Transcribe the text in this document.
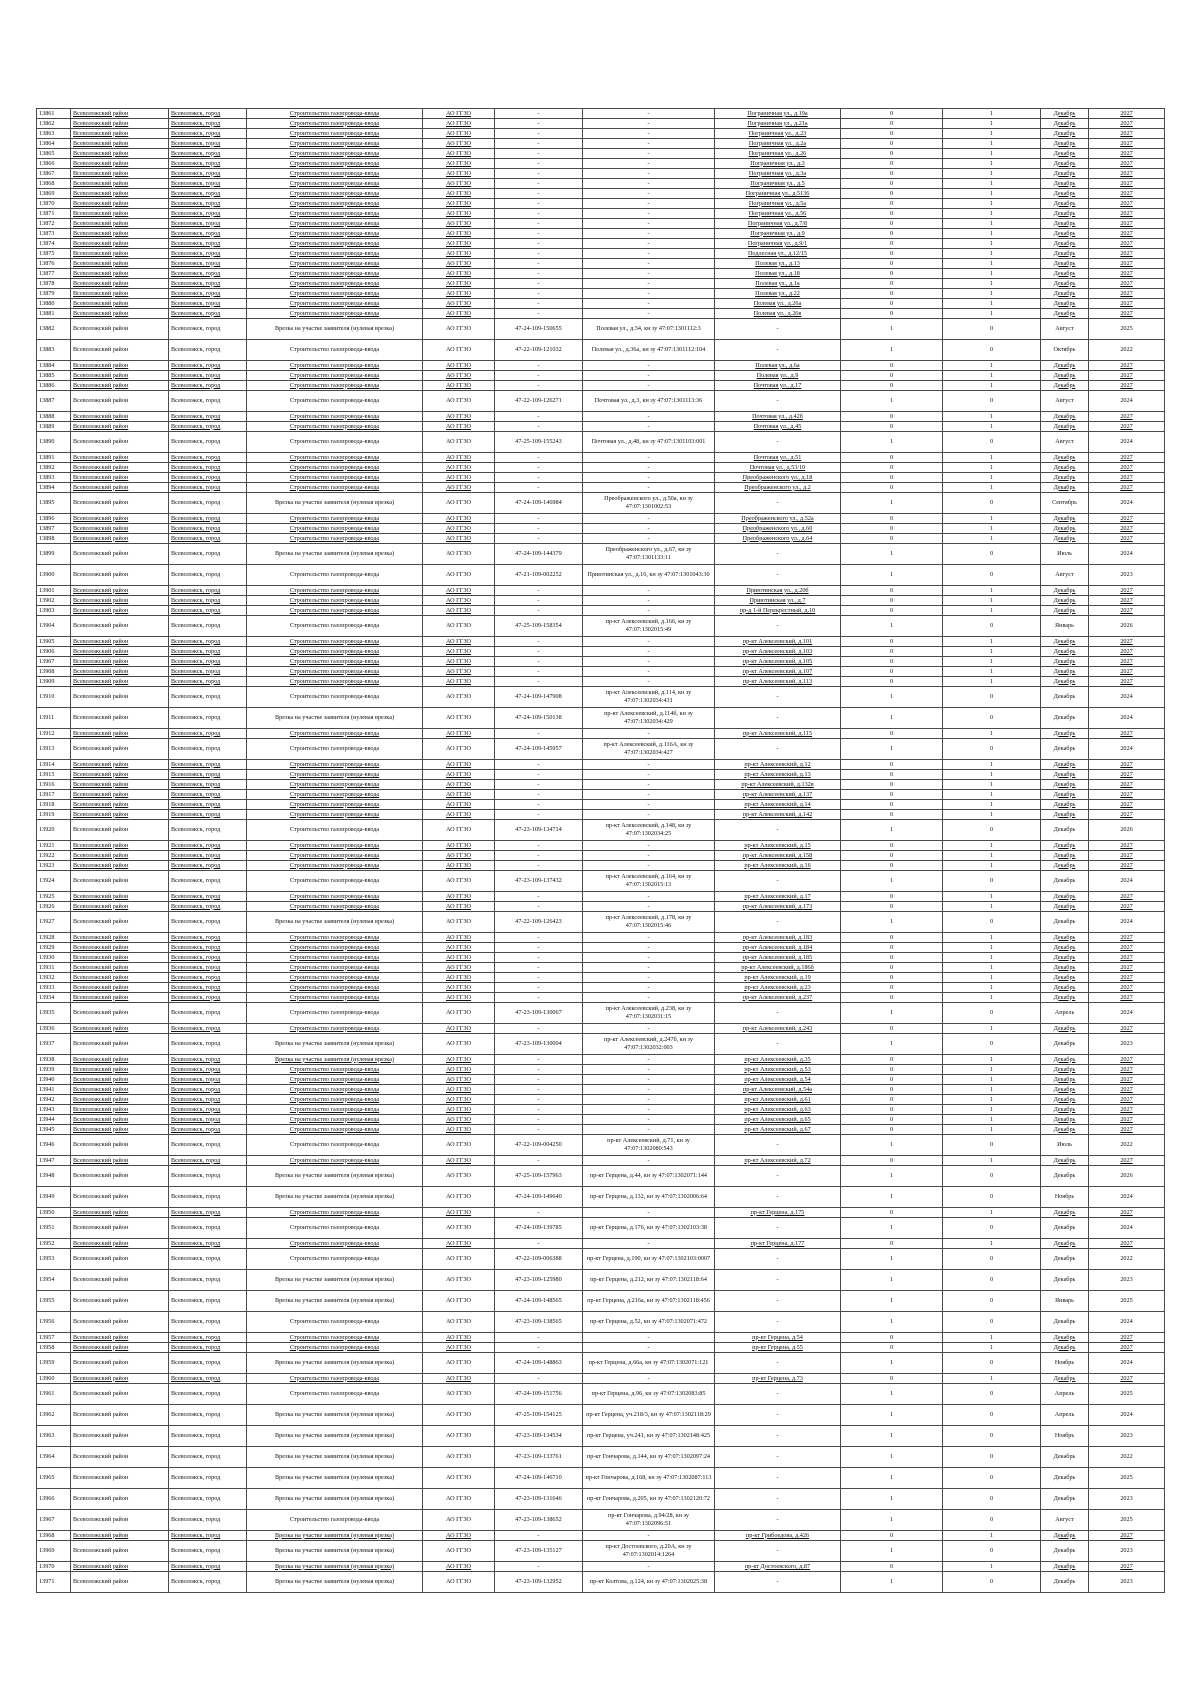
13861	Всеволожский район	Всеволожск, город	Строительство газопровода-ввода	АО ГГЗО	-	-	Пограничная ул., д.19а	0	1	Декабрь	2027
13862	Всеволожский район	Всеволожск, город	Строительство газопровода-ввода	АО ГГЗО	-	-	Пограничная ул., д.21а	0	1	Декабрь	2027
13863	Всеволожский район	Всеволожск, город	Строительство газопровода-ввода	АО ГГЗО	-	-	Пограничная ул., д.23	0	1	Декабрь	2027
13864	Всеволожский район	Всеволожск, город	Строительство газопровода-ввода	АО ГГЗО	-	-	Пограничная ул., д.2а	0	1	Декабрь	2027
13865	Всеволожский район	Всеволожск, город	Строительство газопровода-ввода	АО ГГЗО	-	-	Пограничная ул., д.26	0	1	Декабрь	2027
13866	Всеволожский район	Всеволожск, город	Строительство газопровода-ввода	АО ГГЗО	-	-	Пограничная ул., д.3	0	1	Декабрь	2027
13867	Всеволожский район	Всеволожск, город	Строительство газопровода-ввода	АО ГГЗО	-	-	Пограничная ул., д.3а	0	1	Декабрь	2027
13868	Всеволожский район	Всеволожск, город	Строительство газопровода-ввода	АО ГГЗО	-	-	Пограничная ул., д.5	0	1	Декабрь	2027
13869	Всеволожский район	Всеволожск, город	Строительство газопровода-ввода	АО ГГЗО	-	-	Пограничная ул., д.5136	0	1	Декабрь	2027
13870	Всеволожский район	Всеволожск, город	Строительство газопровода-ввода	АО ГГЗО	-	-	Пограничная ул., д.5а	0	1	Декабрь	2027
13871	Всеволожский район	Всеволожск, город	Строительство газопровода-ввода	АО ГГЗО	-	-	Пограничная ул., д.56	0	1	Декабрь	2027
13872	Всеволожский район	Всеволожск, город	Строительство газопровода-ввода	АО ГГЗО	-	-	Пограничная ул., д.7/8	0	1	Декабрь	2027
13873	Всеволожский район	Всеволожск, город	Строительство газопровода-ввода	АО ГГЗО	-	-	Пограничная ул., д.9	0	1	Декабрь	2027
13874	Всеволожский район	Всеволожск, город	Строительство газопровода-ввода	АО ГГЗО	-	-	Пограничная ул., д.9/1	0	1	Декабрь	2027
13875	Всеволожский район	Всеволожск, город	Строительство газопровода-ввода	АО ГГЗО	-	-	Подлесная ул., д.12/15	0	1	Декабрь	2027
13876	Всеволожский район	Всеволожск, город	Строительство газопровода-ввода	АО ГГЗО	-	-	Полевая ул., д.13	0	1	Декабрь	2027
13877	Всеволожский район	Всеволожск, город	Строительство газопровода-ввода	АО ГГЗО	-	-	Полевая ул., д.18	0	1	Декабрь	2027
13878	Всеволожский район	Всеволожск, город	Строительство газопровода-ввода	АО ГГЗО	-	-	Полевая ул., д.1а	0	1	Декабрь	2027
13879	Всеволожский район	Всеволожск, город	Строительство газопровода-ввода	АО ГГЗО	-	-	Полевая ул., д.22	0	1	Декабрь	2027
13880	Всеволожский район	Всеволожск, город	Строительство газопровода-ввода	АО ГГЗО	-	-	Полевая ул., д.26а	0	1	Декабрь	2027
13881	Всеволожский район	Всеволожск, город	Строительство газопровода-ввода	АО ГГЗО	-	-	Полевая ул., д.26в	0	1	Декабрь	2027
13882	Всеволожский район	Всеволожск, город	Врезка на участке заявителя (нулевая врезка)	АО ГГЗО	47-24-109-150655	Полевая ул., д.34, кн зу 47:07:1301112:3	-	1	0	Август	2025
13883	Всеволожский район	Всеволожск, город	Строительство газопровода-ввода	АО ГГЗО	47-22-109-121032	Полевая ул., д.36а, кн зу 47:07:1301112:104	-	1	0	Октябрь	2022
13884	Всеволожский район	Всеволожск, город	Строительство газопровода-ввода	АО ГГЗО	-	-	Полевая ул., д.6а	0	1	Декабрь	2027
13885	Всеволожский район	Всеволожск, город	Строительство газопровода-ввода	АО ГГЗО	-	-	Полевая ул., д.9	0	1	Декабрь	2027
13886	Всеволожский район	Всеволожск, город	Строительство газопровода-ввода	АО ГГЗО	-	-	Почтовая ул., д.17	0	1	Декабрь	2027
13887	Всеволожский район	Всеволожск, город	Строительство газопровода-ввода	АО ГГЗО	47-22-109-126271	Почтовая ул., д.3, кн зу 47:07:1301113:36	-	1	0	Август	2024
13888	Всеволожский район	Всеволожск, город	Строительство газопровода-ввода	АО ГГЗО	-	-	Почтовая ул., д.42б	0	1	Декабрь	2027
13889	Всеволожский район	Всеволожск, город	Строительство газопровода-ввода	АО ГГЗО	-	-	Почтовая ул., д.45	0	1	Декабрь	2027
13890	Всеволожский район	Всеволожск, город	Строительство газопровода-ввода	АО ГГЗО	47-25-109-155243	Почтовая ул., д.48, кн зу 47:07:1301103:001	-	1	0	Август	2024
13891	Всеволожский район	Всеволожск, город	Строительство газопровода-ввода	АО ГГЗО	-	-	Почтовая ул., д.51	0	1	Декабрь	2027
13892	Всеволожский район	Всеволожск, город	Строительство газопровода-ввода	АО ГГЗО	-	-	Почтовая ул., д.53/10	0	1	Декабрь	2027
13893	Всеволожский район	Всеволожск, город	Строительство газопровода-ввода	АО ГГЗО	-	-	Преображенского ул., д.18	0	1	Декабрь	2027
13894	Всеволожский район	Всеволожск, город	Строительство газопровода-ввода	АО ГГЗО	-	-	Преображенского ул., д.2	0	1	Декабрь	2027
13895	Всеволожский район	Всеволожск, город	Врезка на участке заявителя (нулевая врезка)	АО ГГЗО	47-24-109-146984	Преображенского ул., д.50а, кн зу 47:07:1301002:53	-	1	0	Сентябрь	2024
13896	Всеволожский район	Всеволожск, город	Строительство газопровода-ввода	АО ГГЗО	-	-	Преображенского ул., д.52а	0	1	Декабрь	2027
13897	Всеволожский район	Всеволожск, город	Строительство газопровода-ввода	АО ГГЗО	-	-	Преображенского ул., д.60	0	1	Декабрь	2027
13898	Всеволожский район	Всеволожск, город	Строительство газопровода-ввода	АО ГГЗО	-	-	Преображенского ул., д.64	0	1	Декабрь	2027
13899	Всеволожский район	Всеволожск, город	Врезка на участке заявителя (нулевая врезка)	АО ГГЗО	47-24-109-144379	Преображенского ул., д.67, кн зу 47:07:1301133:11	-	1	0	Июль	2024
13900	Всеволожский район	Всеволожск, город	Строительство газопровода-ввода	АО ГГЗО	47-21-109-002252	Приютинская ул., д.16, кн зу 47:07:1301043:30	-	1	0	Август	2023
13901	Всеволожский район	Всеволожск, город	Строительство газопровода-ввода	АО ГГЗО	-	-	Приютинская ул., д.20б	0	1	Декабрь	2027
13902	Всеволожский район	Всеволожск, город	Строительство газопровода-ввода	АО ГГЗО	-	-	Приютинская ул., д.7	0	1	Декабрь	2027
13903	Всеволожский район	Всеволожск, город	Строительство газопровода-ввода	АО ГГЗО	-	-	пр-д 1-й Перекрестный, д.10	0	1	Декабрь	2027
13904	Всеволожский район	Всеволожск, город	Строительство газопровода-ввода	АО ГГЗО	47-25-109-158354	пр-кт Алексеевский, д.166, кн зу 47:07:1302015:49	-	1	0	Январь	2026
13905	Всеволожский район	Всеволожск, город	Строительство газопровода-ввода	АО ГГЗО	-	-	пр-кт Алексеевский, д.101	0	1	Декабрь	2027
13906	Всеволожский район	Всеволожск, город	Строительство газопровода-ввода	АО ГГЗО	-	-	пр-кт Алексеевский, д.103	0	1	Декабрь	2027
13907	Всеволожский район	Всеволожск, город	Строительство газопровода-ввода	АО ГГЗО	-	-	пр-кт Алексеевский, д.105	0	1	Декабрь	2027
13908	Всеволожский район	Всеволожск, город	Строительство газопровода-ввода	АО ГГЗО	-	-	пр-кт Алексеевский, д.107	0	1	Декабрь	2027
13909	Всеволожский район	Всеволожск, город	Строительство газопровода-ввода	АО ГГЗО	-	-	пр-кт Алексеевский, д.113	0	1	Декабрь	2027
13910	Всеволожский район	Всеволожск, город	Строительство газопровода-ввода	АО ГГЗО	47-24-109-147908	пр-кт Алексеевский, д.114, кн зу 47:07:1302034:431	-	1	0	Декабрь	2024
13911	Всеволожский район	Всеволожск, город	Врезка на участке заявителя (нулевая врезка)	АО ГГЗО	47-24-109-150138	пр-кт Алексеевский, д.114б, кн зу 47:07:1302034:429	-	1	0	Декабрь	2024
13912	Всеволожский район	Всеволожск, город	Строительство газопровода-ввода	АО ГГЗО	-	-	пр-кт Алексеевский, д.115	0	1	Декабрь	2027
13913	Всеволожский район	Всеволожск, город	Строительство газопровода-ввода	АО ГГЗО	47-24-109-145957	пр-кт Алексеевский, д.116А, кн зу 47:07:1302034:427	-	1	0	Декабрь	2024
13914	Всеволожский район	Всеволожск, город	Строительство газопровода-ввода	АО ГГЗО	-	-	пр-кт Алексеевский, д.12	0	1	Декабрь	2027
13915	Всеволожский район	Всеволожск, город	Строительство газопровода-ввода	АО ГГЗО	-	-	пр-кт Алексеевский, д.13	0	1	Декабрь	2027
13916	Всеволожский район	Всеволожск, город	Строительство газопровода-ввода	АО ГГЗО	-	-	пр-кт Алексеевский, д.132в	0	1	Декабрь	2027
13917	Всеволожский район	Всеволожск, город	Строительство газопровода-ввода	АО ГГЗО	-	-	пр-кт Алексеевский, д.137	0	1	Декабрь	2027
13918	Всеволожский район	Всеволожск, город	Строительство газопровода-ввода	АО ГГЗО	-	-	пр-кт Алексеевский, д.14	0	1	Декабрь	2027
13919	Всеволожский район	Всеволожск, город	Строительство газопровода-ввода	АО ГГЗО	-	-	пр-кт Алексеевский, д.142	0	1	Декабрь	2027
13920	Всеволожский район	Всеволожск, город	Строительство газопровода-ввода	АО ГГЗО	47-23-109-134714	пр-кт Алексеевский, д.148, кн зу 47:07:1302034:25	-	1	0	Декабрь	2026
13921	Всеволожский район	Всеволожск, город	Строительство газопровода-ввода	АО ГГЗО	-	-	пр-кт Алексеевский, д.15	0	1	Декабрь	2027
13922	Всеволожский район	Всеволожск, город	Строительство газопровода-ввода	АО ГГЗО	-	-	пр-кт Алексеевский, д.158	0	1	Декабрь	2027
13923	Всеволожский район	Всеволожск, город	Строительство газопровода-ввода	АО ГГЗО	-	-	пр-кт Алексеевский, д.16	0	1	Декабрь	2027
13924	Всеволожский район	Всеволожск, город	Строительство газопровода-ввода	АО ГГЗО	47-23-109-137432	пр-кт Алексеевский, д.164, кн зу 47:07:1302015:13	-	1	0	Декабрь	2024
13925	Всеволожский район	Всеволожск, город	Строительство газопровода-ввода	АО ГГЗО	-	-	пр-кт Алексеевский, д.17	0	1	Декабрь	2027
13926	Всеволожский район	Всеволожск, город	Строительство газопровода-ввода	АО ГГЗО	-	-	пр-кт Алексеевский, д.173	0	1	Декабрь	2027
13927	Всеволожский район	Всеволожск, город	Врезка на участке заявителя (нулевая врезка)	АО ГГЗО	47-22-109-126423	пр-кт Алексеевский, д.178, кн зу 47:07:1302015:46	-	1	0	Декабрь	2024
13928	Всеволожский район	Всеволожск, город	Строительство газопровода-ввода	АО ГГЗО	-	-	пр-кт Алексеевский, д.183	0	1	Декабрь	2027
13929	Всеволожский район	Всеволожск, город	Строительство газопровода-ввода	АО ГГЗО	-	-	пр-кт Алексеевский, д.184	0	1	Декабрь	2027
13930	Всеволожский район	Всеволожск, город	Строительство газопровода-ввода	АО ГГЗО	-	-	пр-кт Алексеевский, д.185	0	1	Декабрь	2027
13931	Всеволожский район	Всеволожск, город	Строительство газопровода-ввода	АО ГГЗО	-	-	пр-кт Алексеевский, д.186б	0	1	Декабрь	2027
13932	Всеволожский район	Всеволожск, город	Строительство газопровода-ввода	АО ГГЗО	-	-	пр-кт Алексеевский, д.19	0	1	Декабрь	2027
13933	Всеволожский район	Всеволожск, город	Строительство газопровода-ввода	АО ГГЗО	-	-	пр-кт Алексеевский, д.23	0	1	Декабрь	2027
13934	Всеволожский район	Всеволожск, город	Строительство газопровода-ввода	АО ГГЗО	-	-	пр-кт Алексеевский, д.237	0	1	Декабрь	2027
13935	Всеволожский район	Всеволожск, город	Строительство газопровода-ввода	АО ГГЗО	47-23-109-130067	пр-кт Алексеевский, д.238, кн зу 47:07:1302031:15	-	1	0	Апрель	2024
13936	Всеволожский район	Всеволожск, город	Строительство газопровода-ввода	АО ГГЗО	-	-	пр-кт Алексеевский, д.243	0	1	Декабрь	2027
13937	Всеволожский район	Всеволожск, город	Врезка на участке заявителя (нулевая врезка)	АО ГГЗО	47-23-109-130004	пр-кт Алексеевский, д.247б, кн зу 47:07:1302032:003	-	1	0	Декабрь	2023
13938	Всеволожский район	Всеволожск, город	Врезка на участке заявителя (нулевая врезка)	АО ГГЗО	-	-	пр-кт Алексеевский, д.35	0	1	Декабрь	2027
13939	Всеволожский район	Всеволожск, город	Строительство газопровода-ввода	АО ГГЗО	-	-	пр-кт Алексеевский, д.53	0	1	Декабрь	2027
13940	Всеволожский район	Всеволожск, город	Строительство газопровода-ввода	АО ГГЗО	-	-	пр-кт Алексеевский, д.54	0	1	Декабрь	2027
13941	Всеволожский район	Всеволожск, город	Строительство газопровода-ввода	АО ГГЗО	-	-	пр-кт Алексеевский, д.54а	0	1	Декабрь	2027
13942	Всеволожский район	Всеволожск, город	Строительство газопровода-ввода	АО ГГЗО	-	-	пр-кт Алексеевский, д.61	0	1	Декабрь	2027
13943	Всеволожский район	Всеволожск, город	Строительство газопровода-ввода	АО ГГЗО	-	-	пр-кт Алексеевский, д.63	0	1	Декабрь	2027
13944	Всеволожский район	Всеволожск, город	Строительство газопровода-ввода	АО ГГЗО	-	-	пр-кт Алексеевский, д.65	0	1	Декабрь	2027
13945	Всеволожский район	Всеволожск, город	Строительство газопровода-ввода	АО ГГЗО	-	-	пр-кт Алексеевский, д.67	0	1	Декабрь	2027
13946	Всеволожский район	Всеволожск, город	Строительство газопровода-ввода	АО ГГЗО	47-22-109-004250	пр-кт Алексеевский, д.71, кн зу 47:07:1302080:543	-	1	0	Июль	2022
13947	Всеволожский район	Всеволожск, город	Строительство газопровода-ввода	АО ГГЗО	-	-	пр-кт Алексеевский, д.72	0	1	Декабрь	2027
13948	Всеволожский район	Всеволожск, город	Врезка на участке заявителя (нулевая врезка)	АО ГГЗО	47-25-109-157963	пр-кт Герцена, д.44, кн зу 47:07:1302071:144	-	1	0	Декабрь	2026
13949	Всеволожский район	Всеволожск, город	Врезка на участке заявителя (нулевая врезка)	АО ГГЗО	47-24-109-149640	пр-кт Герцена, д.132, кн зу 47:07:1302006:64	-	1	0	Ноябрь	2024
13950	Всеволожский район	Всеволожск, город	Строительство газопровода-ввода	АО ГГЗО	-	-	пр-кт Герцена, д.175	0	1	Декабрь	2027
13951	Всеволожский район	Всеволожск, город	Строительство газопровода-ввода	АО ГГЗО	47-24-109-139785	пр-кт Герцена, д.176, кн зу 47:07:1302103:38	-	1	0	Декабрь	2024
13952	Всеволожский район	Всеволожск, город	Строительство газопровода-ввода	АО ГГЗО	-	-	пр-кт Герцена, д.177	0	1	Декабрь	2027
13953	Всеволожский район	Всеволожск, город	Строительство газопровода-ввода	АО ГГЗО	47-22-109-006388	пр-кт Герцена, д.190, кн зу 47:07:1302103:0007	-	1	0	Декабрь	2022
13954	Всеволожский район	Всеволожск, город	Врезка на участке заявителя (нулевая врезка)	АО ГГЗО	47-23-109-125980	пр-кт Герцена, д.212, кн зу 47:07:1302118:64	-	1	0	Декабрь	2023
13955	Всеволожский район	Всеволожск, город	Врезка на участке заявителя (нулевая врезка)	АО ГГЗО	47-24-109-148565	пр-кт Герцена, д.216а, кн зу 47:07:1302118:456	-	1	0	Январь	2025
13956	Всеволожский район	Всеволожск, город	Строительство газопровода-ввода	АО ГГЗО	47-23-109-138565	пр-кт Герцена, д.52, кн зу 47:07:1302071:472	-	1	0	Декабрь	2024
13957	Всеволожский район	Всеволожск, город	Строительство газопровода-ввода	АО ГГЗО	-	-	пр-кт Герцена, д.54	0	1	Декабрь	2027
13958	Всеволожский район	Всеволожск, город	Строительство газопровода-ввода	АО ГГЗО	-	-	пр-кт Герцена, д.55	0	1	Декабрь	2027
13959	Всеволожский район	Всеволожск, город	Врезка на участке заявителя (нулевая врезка)	АО ГГЗО	47-24-109-148863	пр-кт Герцена, д.66а, кн зу 47:07:1302071:121	-	1	0	Ноябрь	2024
13960	Всеволожский район	Всеволожск, город	Строительство газопровода-ввода	АО ГГЗО	-	-	пр-кт Герцена, д.73	0	1	Декабрь	2027
13961	Всеволожский район	Всеволожск, город	Строительство газопровода-ввода	АО ГГЗО	47-24-109-151756	пр-кт Герцена, д.96, кн зу 47:07:1302083:85	-	1	0	Апрель	2025
13962	Всеволожский район	Всеволожск, город	Врезка на участке заявителя (нулевая врезка)	АО ГГЗО	47-25-109-154125	пр-кт Герцена, уч.218/3, кн зу 47:07:1302118:29	-	1	0	Апрель	2024
13963	Всеволожский район	Всеволожск, город	Врезка на участке заявителя (нулевая врезка)	АО ГГЗО	47-23-109-134534	пр-кт Герцена, уч.241, кн зу 47:07:1302148:425	-	1	0	Ноябрь	2023
13964	Всеволожский район	Всеволожск, город	Врезка на участке заявителя (нулевая врезка)	АО ГГЗО	47-23-109-133761	пр-кт Гончарова, д.144, кн зу 47:07:1302097:24	-	1	0	Декабрь	2022
13965	Всеволожский район	Всеволожск, город	Врезка на участке заявителя (нулевая врезка)	АО ГГЗО	47-24-109-146710	пр-кт Гончарова, д.168, кн зу 47:07:1302087:113	-	1	0	Декабрь	2025
13966	Всеволожский район	Всеволожск, город	Врезка на участке заявителя (нулевая врезка)	АО ГГЗО	47-23-109-131646	пр-кт Гончарова, д.205, кн зу 47:07:1302120:72	-	1	0	Декабрь	2023
13967	Всеволожский район	Всеволожск, город	Строительство газопровода-ввода	АО ГГЗО	47-23-109-138652	пр-кт Гончарова, д.94/28, кн зу 47:07:1302096:51	-	1	0	Август	2025
13968	Всеволожский район	Всеволожск, город	Врезка на участке заявителя (нулевая врезка)	АО ГГЗО	-	-	пр-кт Грибоедова, д.426	0	1	Декабрь	2027
13969	Всеволожский район	Всеволожск, город	Врезка на участке заявителя (нулевая врезка)	АО ГГЗО	47-23-109-135127	пр-кт Достоевского, д.20А, кн зу 47:07:1302014:1264	-	1	0	Декабрь	2023
13970	Всеволожский район	Всеволожск, город	Врезка на участке заявителя (нулевая врезка)	АО ГГЗО	-	-	пр-кт Достоевского, д.87	0	1	Декабрь	2027
13971	Всеволожский район	Всеволожск, город	Врезка на участке заявителя (нулевая врезка)	АО ГГЗО	47-23-109-132952	пр-кт Колтова, д.124, кн зу 47:07:1302025:38	-	1	0	Декабрь	2023
